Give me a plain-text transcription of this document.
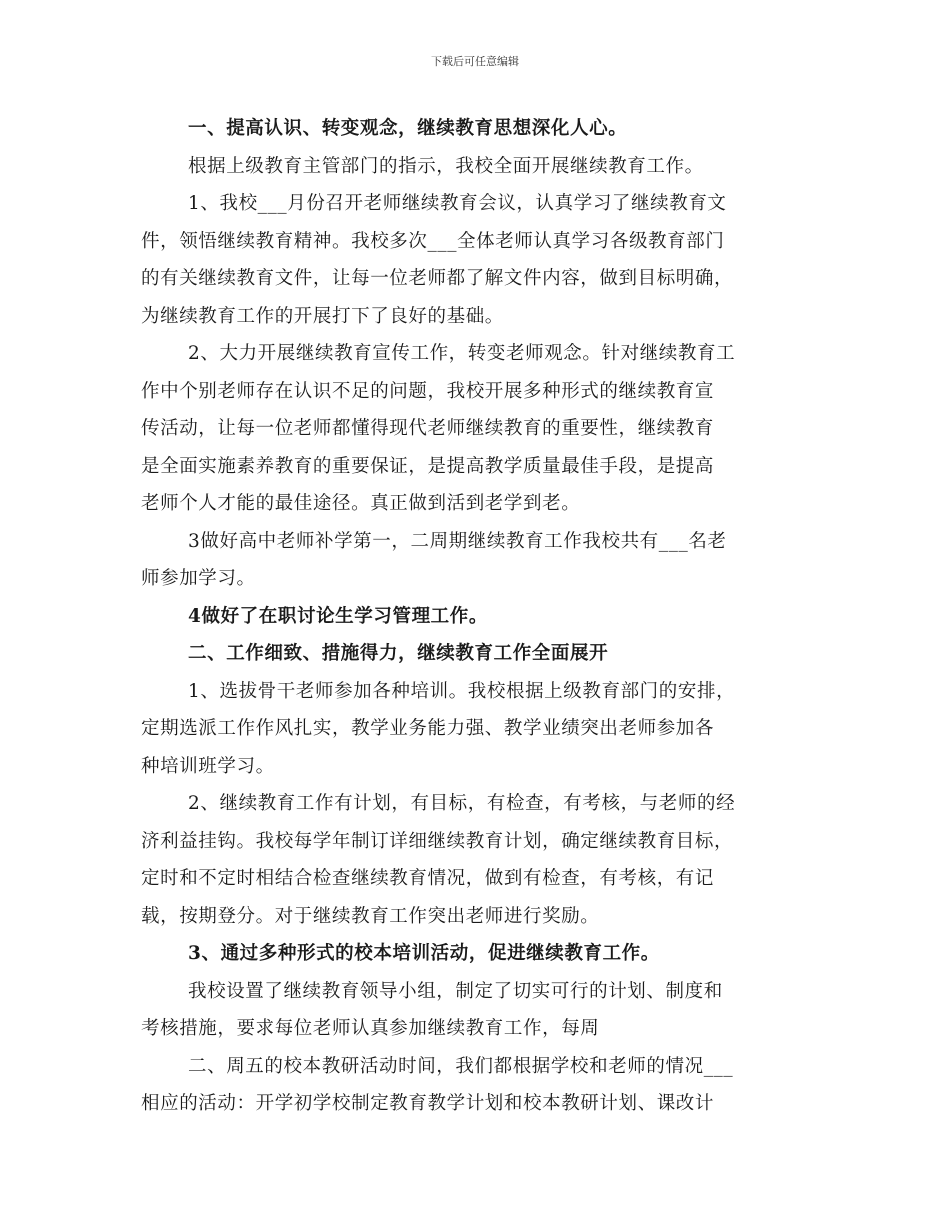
下载后可任意编辑
一、提高认识、转变观念，继续教育思想深化人心。
根据上级教育主管部门的指示，我校全面开展继续教育工作。
1、我校___月份召开老师继续教育会议，认真学习了继续教育文
件，领悟继续教育精神。我校多次___全体老师认真学习各级教育部门
的有关继续教育文件，让每一位老师都了解文件内容，做到目标明确，
为继续教育工作的开展打下了良好的基础。
2、大力开展继续教育宣传工作，转变老师观念。针对继续教育工
作中个别老师存在认识不足的问题，我校开展多种形式的继续教育宣
传活动，让每一位老师都懂得现代老师继续教育的重要性，继续教育
是全面实施素养教育的重要保证，是提高教学质量最佳手段，是提高
老师个人才能的最佳途径。真正做到活到老学到老。
3做好高中老师补学第一，二周期继续教育工作我校共有___名老
师参加学习。
4做好了在职讨论生学习管理工作。
二、工作细致、措施得力，继续教育工作全面展开
1、选拔骨干老师参加各种培训。我校根据上级教育部门的安排，
定期选派工作作风扎实，教学业务能力强、教学业绩突出老师参加各
种培训班学习。
2、继续教育工作有计划，有目标，有检查，有考核，与老师的经
济利益挂钩。我校每学年制订详细继续教育计划，确定继续教育目标，
定时和不定时相结合检查继续教育情况，做到有检查，有考核，有记
载，按期登分。对于继续教育工作突出老师进行奖励。
3、通过多种形式的校本培训活动，促进继续教育工作。
我校设置了继续教育领导小组，制定了切实可行的计划、制度和
考核措施，要求每位老师认真参加继续教育工作，每周
二、周五的校本教研活动时间，我们都根据学校和老师的情况___
相应的活动：开学初学校制定教育教学计划和校本教研计划、课改计
